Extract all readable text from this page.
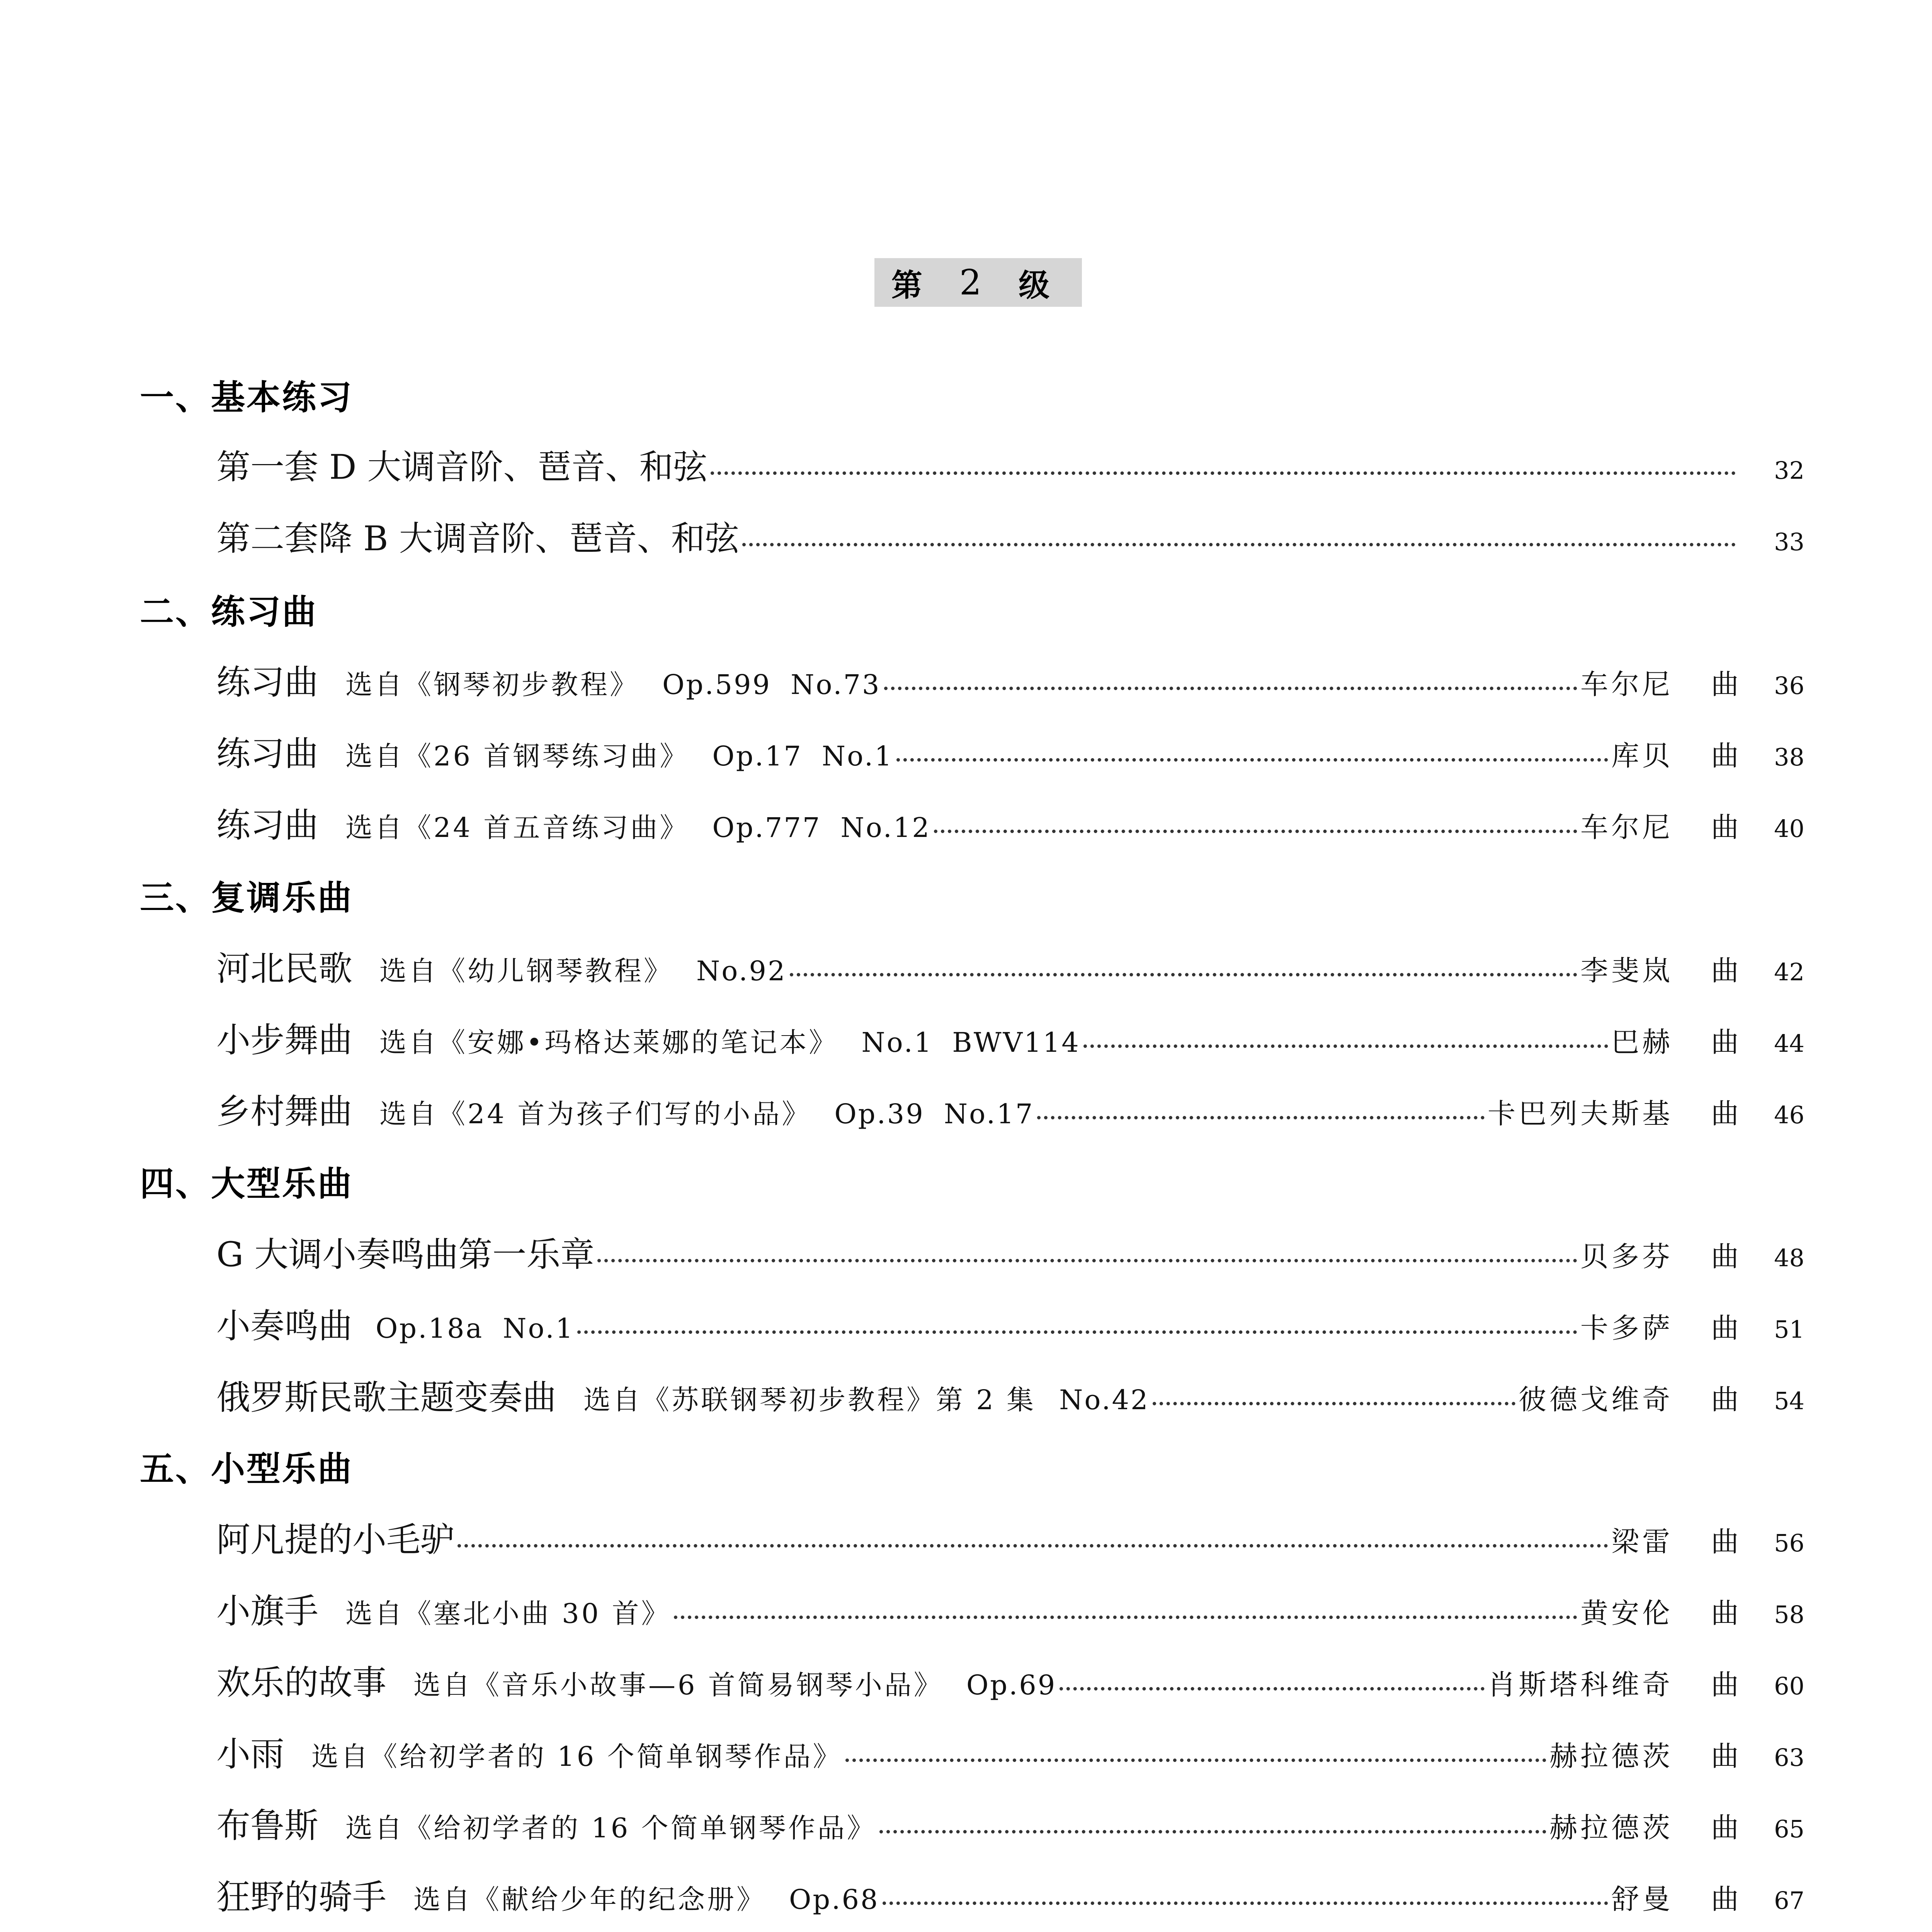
第 2 级
一、基本练习
第一套 D 大调音阶、琶音、和弦	32
第二套降 B 大调音阶、琶音、和弦	33
二、练习曲
练习曲 选自《钢琴初步教程》 Op.599 No.73	车尔尼	曲	36
练习曲 选自《26 首钢琴练习曲》 Op.17 No.1	库贝	曲	38
练习曲 选自《24 首五音练习曲》 Op.777 No.12	车尔尼	曲	40
三、复调乐曲
河北民歌 选自《幼儿钢琴教程》 No.92	李斐岚	曲	42
小步舞曲 选自《安娜•玛格达莱娜的笔记本》 No.1 BWV114	巴赫	曲	44
乡村舞曲 选自《24 首为孩子们写的小品》 Op.39 No.17	卡巴列夫斯基	曲	46
四、大型乐曲
G 大调小奏鸣曲第一乐章	贝多芬	曲	48
小奏鸣曲 Op.18a No.1	卡多萨	曲	51
俄罗斯民歌主题变奏曲 选自《苏联钢琴初步教程》第 2 集 No.42	彼德戈维奇	曲	54
五、小型乐曲
阿凡提的小毛驴	梁雷	曲	56
小旗手 选自《塞北小曲 30 首》	黄安伦	曲	58
欢乐的故事 选自《音乐小故事—6 首简易钢琴小品》 Op.69	肖斯塔科维奇	曲	60
小雨 选自《给初学者的 16 个简单钢琴作品》	赫拉德茨	曲	63
布鲁斯 选自《给初学者的 16 个简单钢琴作品》	赫拉德茨	曲	65
狂野的骑手 选自《献给少年的纪念册》 Op.68	舒曼	曲	67
